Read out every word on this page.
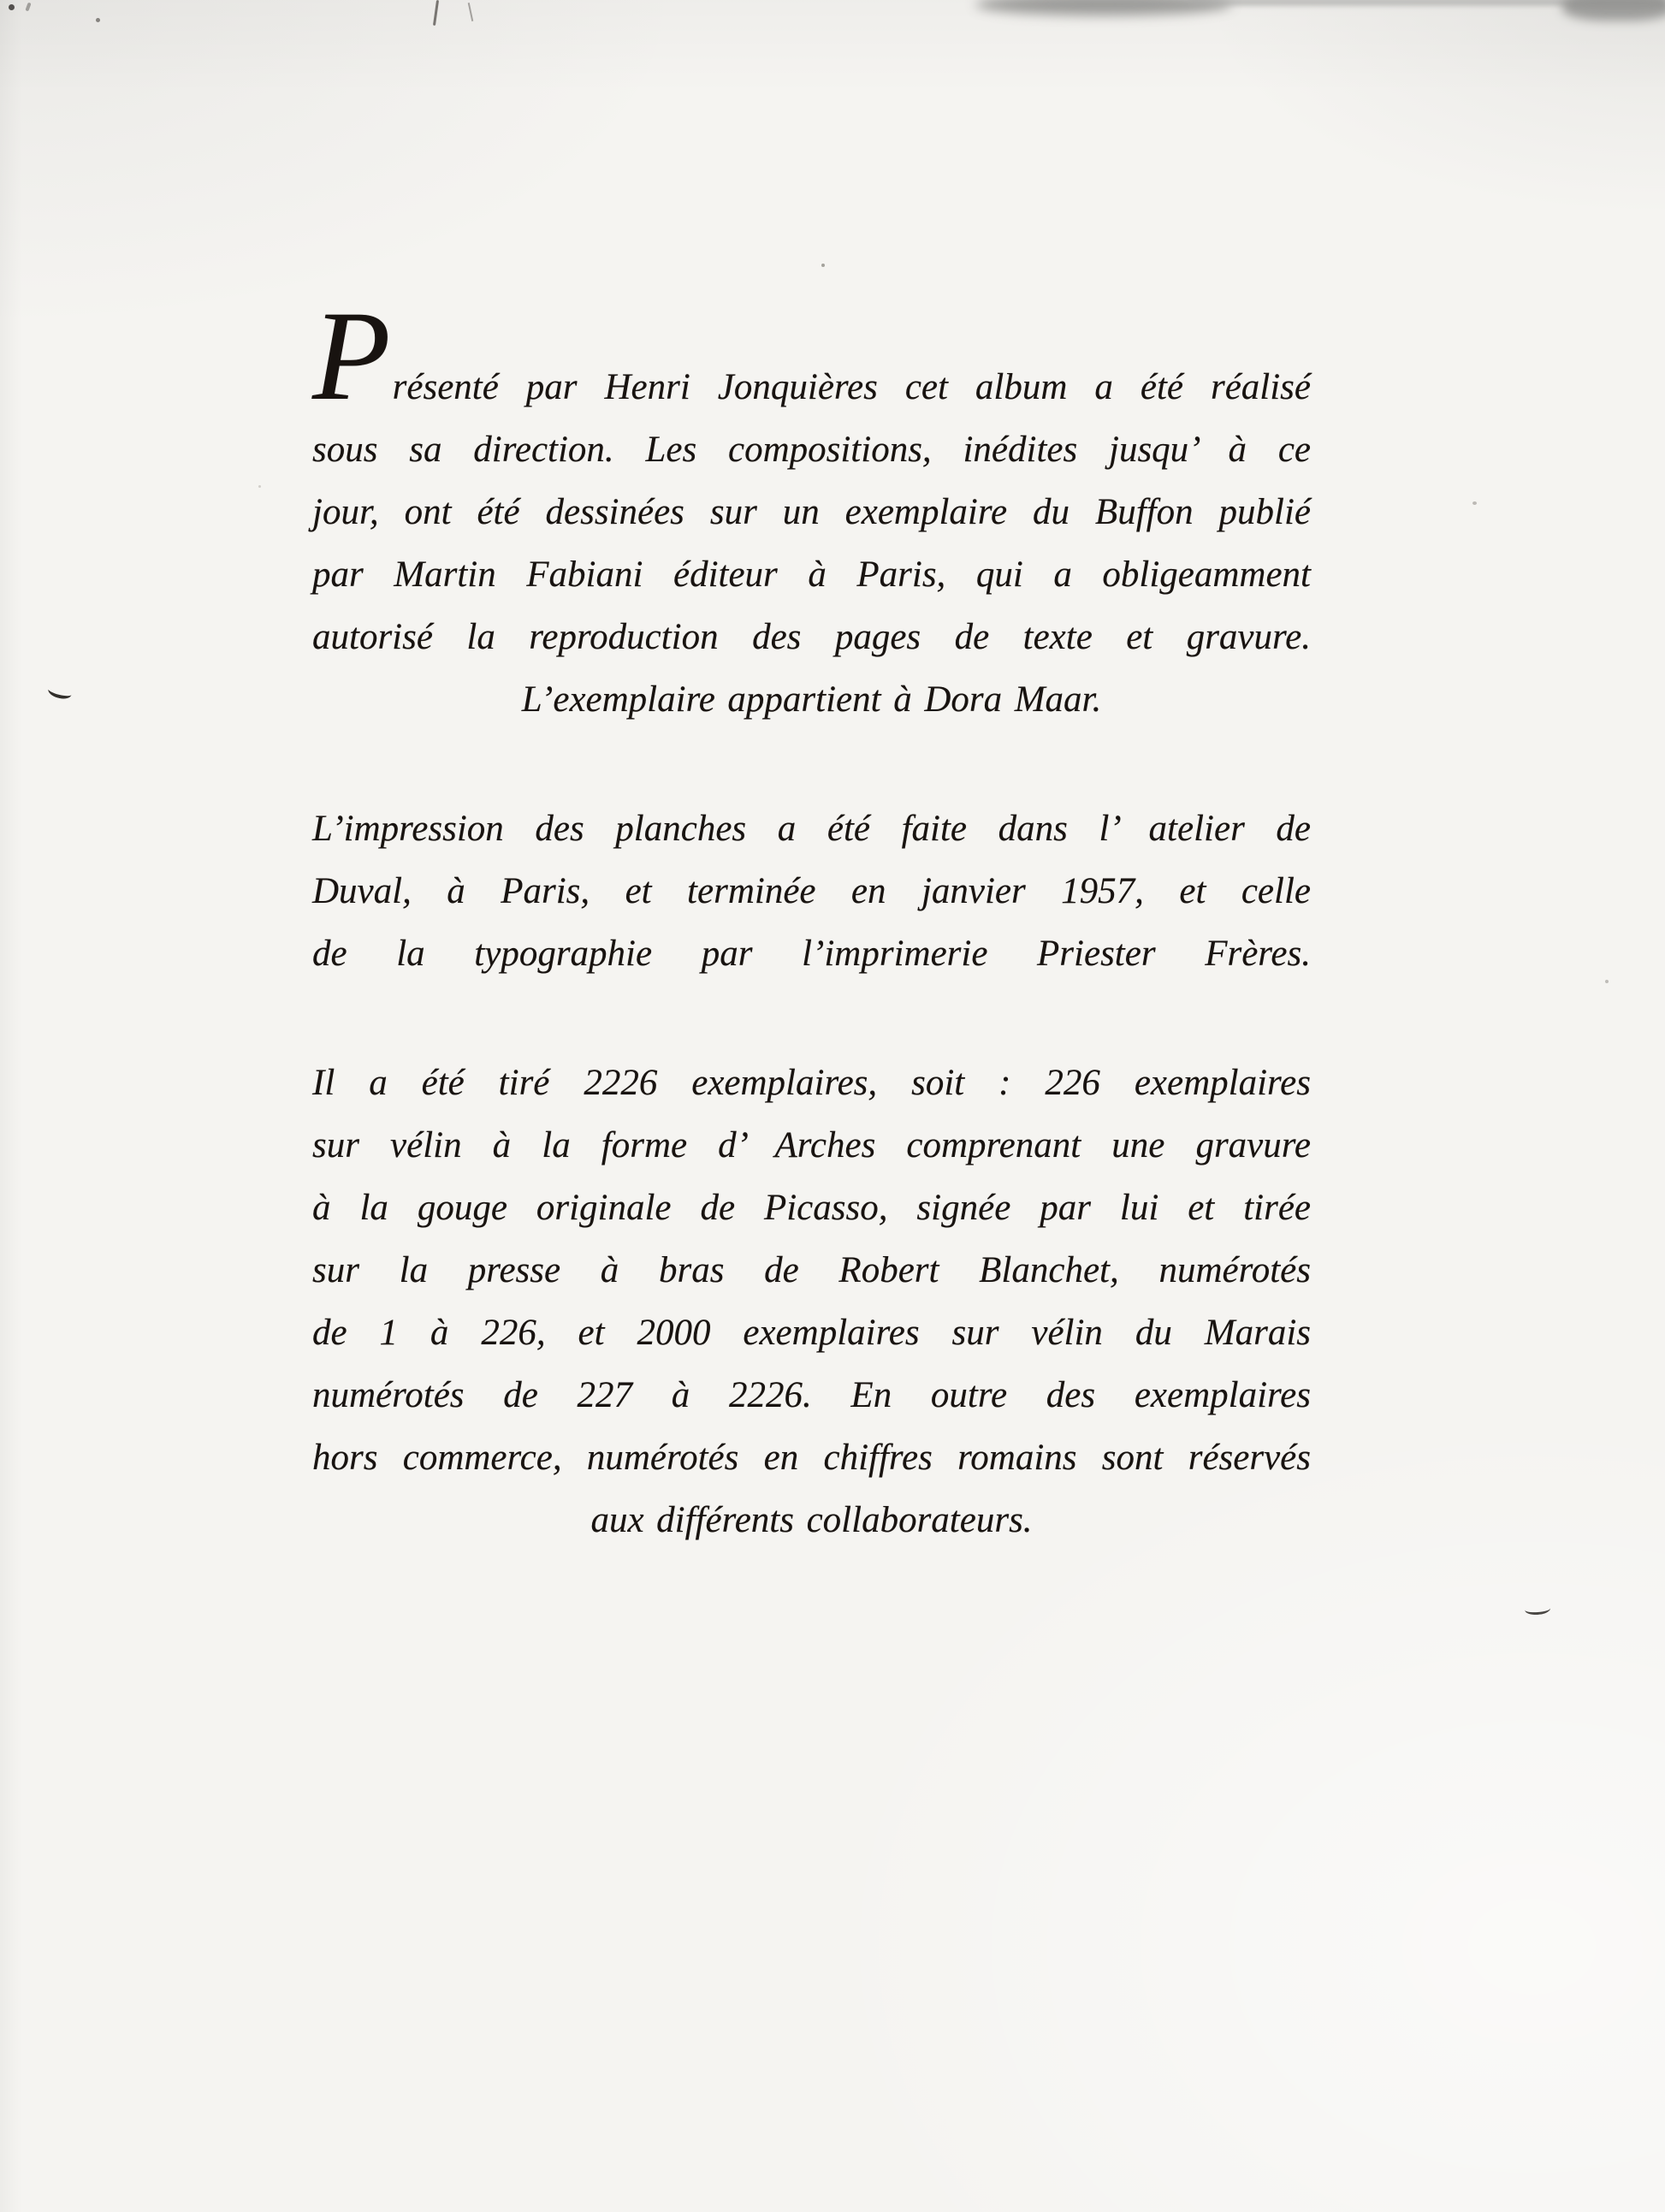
Présenté par Henri Jonquières cet album a été réalisé
sous sa direction. Les compositions, inédites jusqu’ à ce
jour, ont été dessinées sur un exemplaire du Buffon publié
par Martin Fabiani éditeur à Paris, qui a obligeamment
autorisé la reproduction des pages de texte et gravure.
L’exemplaire appartient à Dora Maar.
L’impression des planches a été faite dans l’ atelier de
Duval, à Paris, et terminée en janvier 1957, et celle
de la typographie par l’imprimerie Priester Frères.
Il a été tiré 2226 exemplaires, soit : 226 exemplaires
sur vélin à la forme d’ Arches comprenant une gravure
à la gouge originale de Picasso, signée par lui et tirée
sur la presse à bras de Robert Blanchet, numérotés
de 1 à 226, et 2000 exemplaires sur vélin du Marais
numérotés de 227 à 2226. En outre des exemplaires
hors commerce, numérotés en chiffres romains sont réservés
aux différents collaborateurs.
